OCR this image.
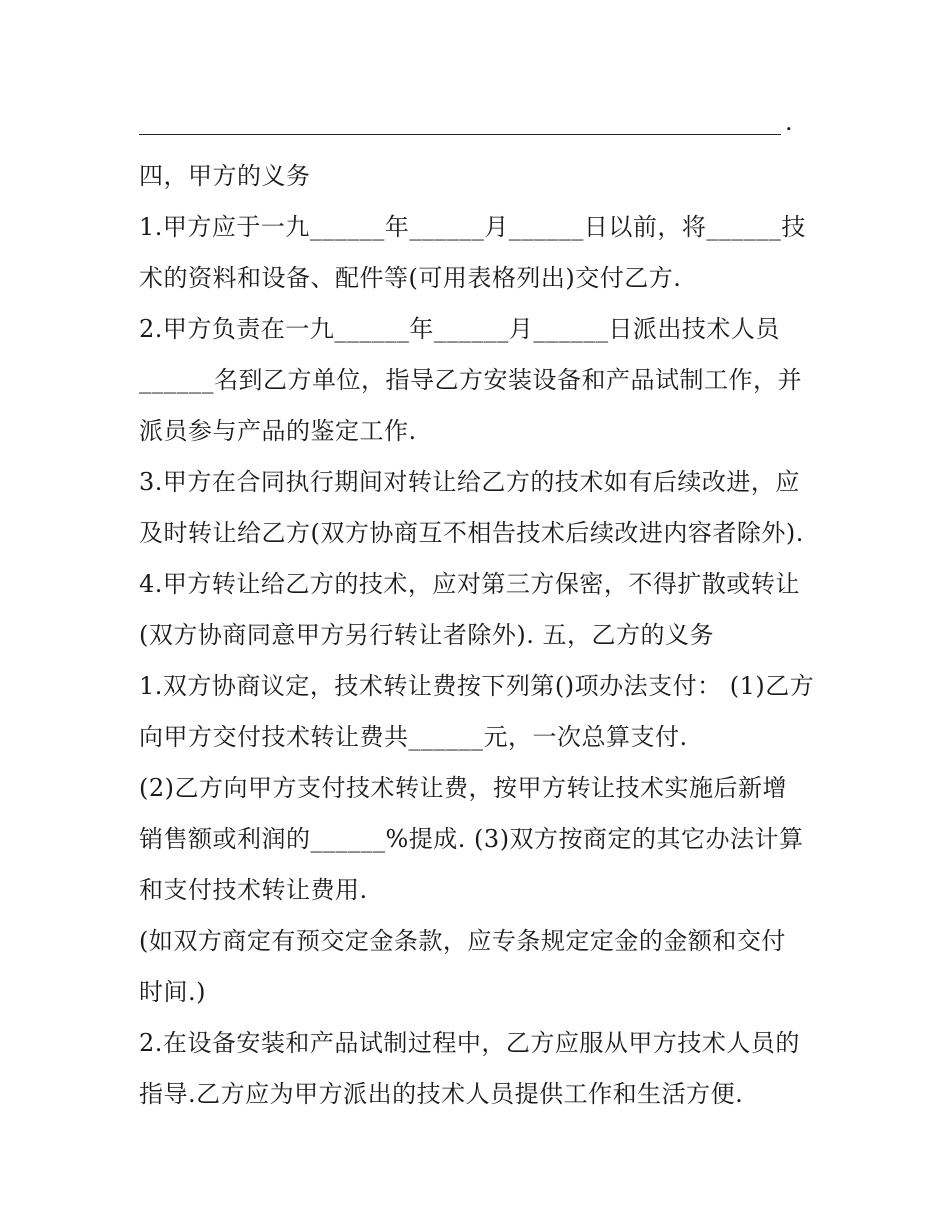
.
四，甲方的义务
1.甲方应于一九______年______月______日以前，将______技
术的资料和设备、配件等(可用表格列出)交付乙方.
2.甲方负责在一九______年______月______日派出技术人员
______名到乙方单位，指导乙方安装设备和产品试制工作，并
派员参与产品的鉴定工作.
3.甲方在合同执行期间对转让给乙方的技术如有后续改进，应
及时转让给乙方(双方协商互不相告技术后续改进内容者除外).
4.甲方转让给乙方的技术，应对第三方保密，不得扩散或转让
(双方协商同意甲方另行转让者除外). 五，乙方的义务
1.双方协商议定，技术转让费按下列第()项办法支付： (1)乙方
向甲方交付技术转让费共______元，一次总算支付.
(2)乙方向甲方支付技术转让费，按甲方转让技术实施后新增
销售额或利润的______%提成. (3)双方按商定的其它办法计算
和支付技术转让费用.
(如双方商定有预交定金条款，应专条规定定金的金额和交付
时间.)
2.在设备安装和产品试制过程中，乙方应服从甲方技术人员的
指导.乙方应为甲方派出的技术人员提供工作和生活方便.
